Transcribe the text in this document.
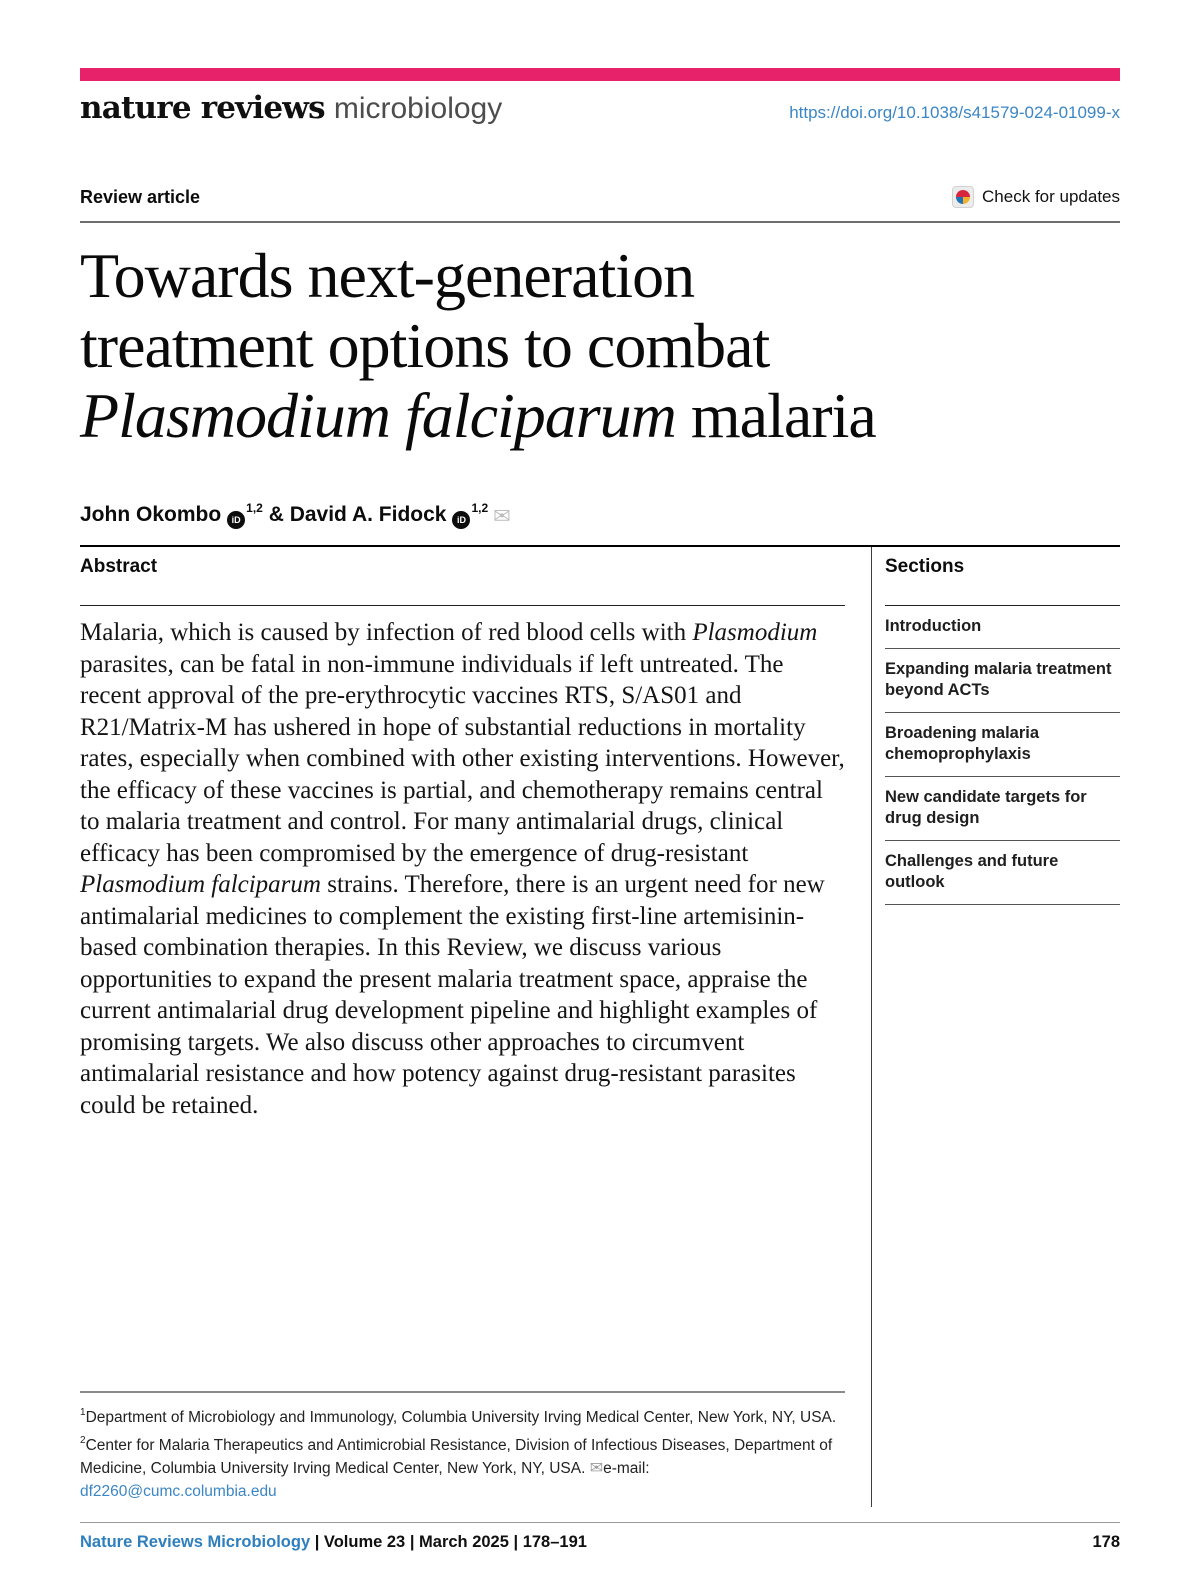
nature reviews microbiology	https://doi.org/10.1038/s41579-024-01099-x
Review article	Check for updates
Towards next-generation
treatment options to combat
Plasmodium falciparum malaria
John Okombo iD$^{1,2}$ & David A. Fidock iD$^{1,2}$ ✉
Abstract

Malaria, which is caused by infection of red blood cells with Plasmodium parasites, can be fatal in non-immune individuals if left untreated. The recent approval of the pre-erythrocytic vaccines RTS, S/AS01 and R21/Matrix-M has ushered in hope of substantial reductions in mortality rates, especially when combined with other existing interventions. However, the efficacy of these vaccines is partial, and chemotherapy remains central to malaria treatment and control. For many antimalarial drugs, clinical efficacy has been compromised by the emergence of drug-resistant Plasmodium falciparum strains. Therefore, there is an urgent need for new antimalarial medicines to complement the existing first-line artemisinin-based combination therapies. In this Review, we discuss various opportunities to expand the present malaria treatment space, appraise the current antimalarial drug development pipeline and highlight examples of promising targets. We also discuss other approaches to circumvent antimalarial resistance and how potency against drug-resistant parasites could be retained.

$^1$Department of Microbiology and Immunology, Columbia University Irving Medical Center, New York, NY, USA.

$^2$Center for Malaria Therapeutics and Antimicrobial Resistance, Division of Infectious Diseases, Department of Medicine, Columbia University Irving Medical Center, New York, NY, USA. ✉e-mail: df2260@cumc.columbia.edu

Sections
Introduction
Expanding malaria treatment beyond ACTs
Broadening malaria chemoprophylaxis
New candidate targets for drug design
Challenges and future outlook
Nature Reviews Microbiology | Volume 23 | March 2025 | 178–191	178
